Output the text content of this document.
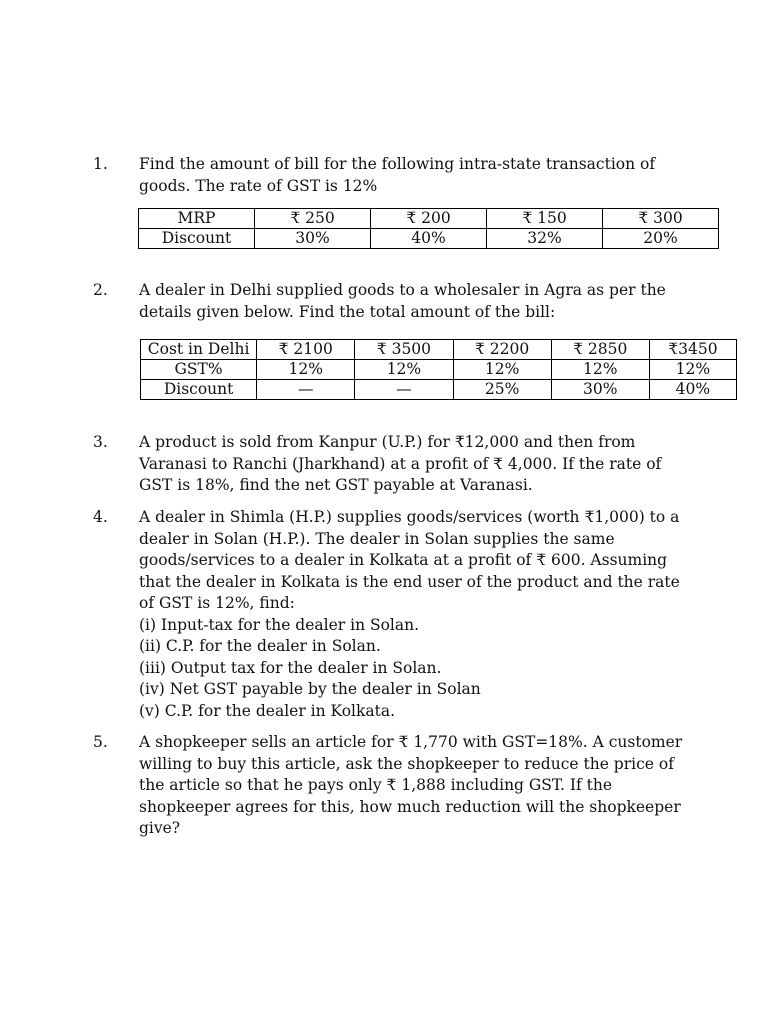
1. Find the amount of bill for the following intra-state transaction of
goods. The rate of GST is 12%
MRP	₹ 250	₹ 200	₹ 150	₹ 300
Discount	30%	40%	32%	20%
2. A dealer in Delhi supplied goods to a wholesaler in Agra as per the
details given below. Find the total amount of the bill:
Cost in Delhi	₹ 2100	₹ 3500	₹ 2200	₹ 2850	₹3450
GST%	12%	12%	12%	12%	12%
Discount	—	—	25%	30%	40%
3. A product is sold from Kanpur (U.P.) for ₹12,000 and then from
Varanasi to Ranchi (Jharkhand) at a profit of ₹ 4,000. If the rate of
GST is 18%, find the net GST payable at Varanasi.
4. A dealer in Shimla (H.P.) supplies goods/services (worth ₹1,000) to a
dealer in Solan (H.P.). The dealer in Solan supplies the same
goods/services to a dealer in Kolkata at a profit of ₹ 600. Assuming
that the dealer in Kolkata is the end user of the product and the rate
of GST is 12%, find:
(i) Input-tax for the dealer in Solan.
(ii) C.P. for the dealer in Solan.
(iii) Output tax for the dealer in Solan.
(iv) Net GST payable by the dealer in Solan
(v) C.P. for the dealer in Kolkata.
5. A shopkeeper sells an article for ₹ 1,770 with GST=18%. A customer
willing to buy this article, ask the shopkeeper to reduce the price of
the article so that he pays only ₹ 1,888 including GST. If the
shopkeeper agrees for this, how much reduction will the shopkeeper
give?
